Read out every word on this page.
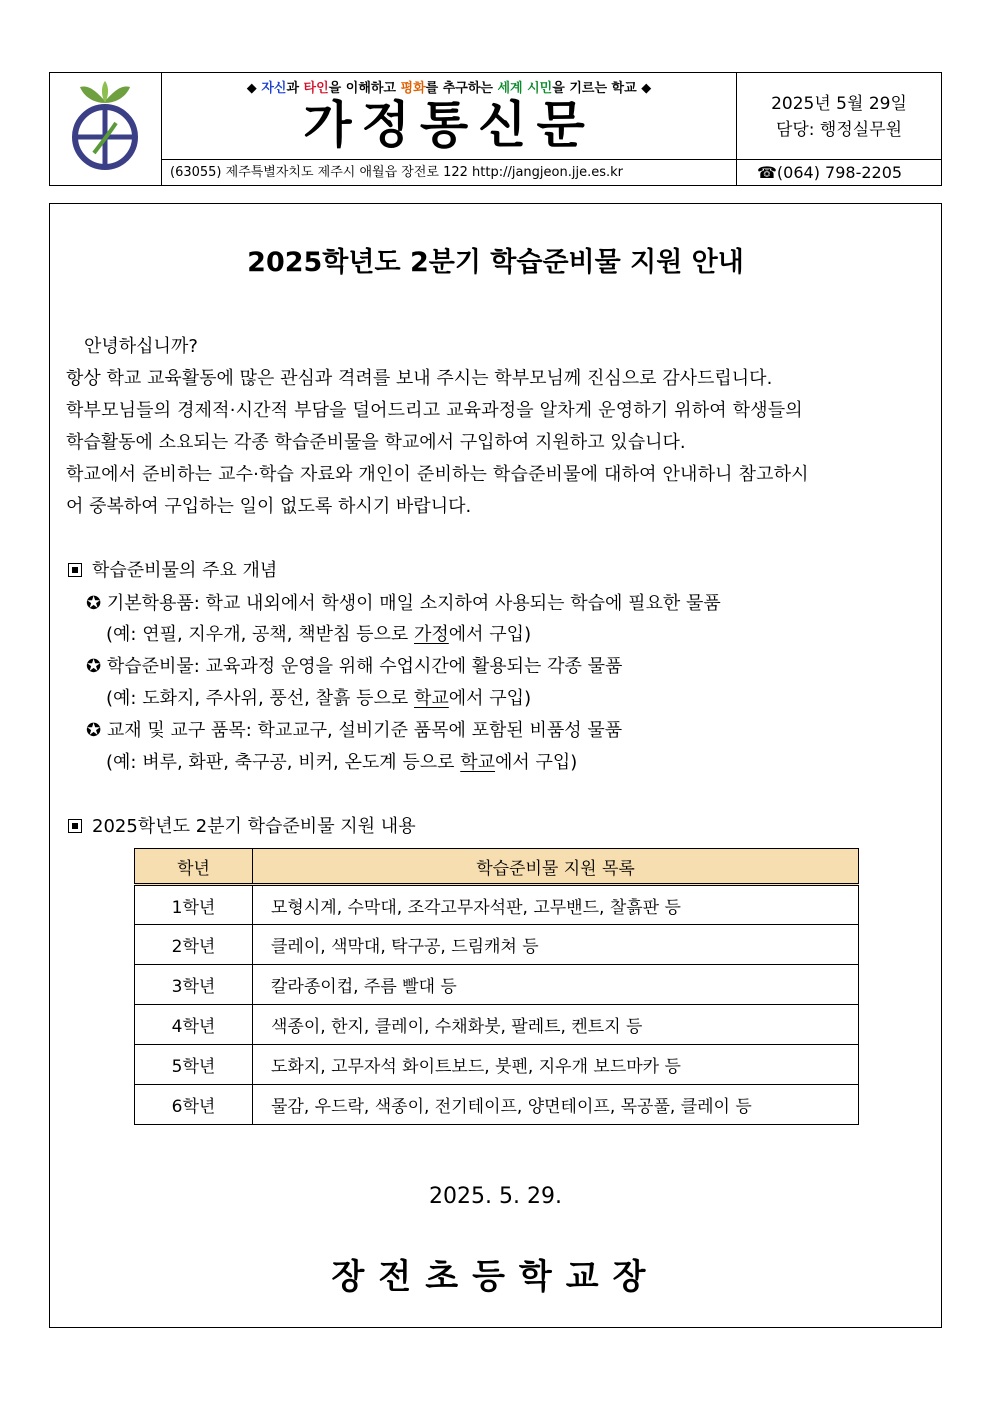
◆ 자신과 타인을 이해하고 평화를 추구하는 세계 시민을 기르는 학교 ◆
가정통신문	2025년 5월 29일
담당: 행정실무원
(63055) 제주특별자치도 제주시 애월읍 장전로 122 http://jangjeon.jje.es.kr	☎(064) 798-2205
2025학년도 2분기 학습준비물 지원 안내
안녕하십니까?
항상 학교 교육활동에 많은 관심과 격려를 보내 주시는 학부모님께 진심으로 감사드립니다.
학부모님들의 경제적·시간적 부담을 덜어드리고 교육과정을 알차게 운영하기 위하여 학생들의
학습활동에 소요되는 각종 학습준비물을 학교에서 구입하여 지원하고 있습니다.
학교에서 준비하는 교수·학습 자료와 개인이 준비하는 학습준비물에 대하여 안내하니 참고하시
어 중복하여 구입하는 일이 없도록 하시기 바랍니다.
학습준비물의 주요 개념
✪ 기본학용품: 학교 내외에서 학생이 매일 소지하여 사용되는 학습에 필요한 물품
(예: 연필, 지우개, 공책, 책받침 등으로 가정에서 구입)
✪ 학습준비물: 교육과정 운영을 위해 수업시간에 활용되는 각종 물품
(예: 도화지, 주사위, 풍선, 찰흙 등으로 학교에서 구입)
✪ 교재 및 교구 품목: 학교교구, 설비기준 품목에 포함된 비품성 물품
(예: 벼루, 화판, 축구공, 비커, 온도계 등으로 학교에서 구입)
2025학년도 2분기 학습준비물 지원 내용
학년	학습준비물 지원 목록
1학년	모형시계, 수막대, 조각고무자석판, 고무밴드, 찰흙판 등
2학년	클레이, 색막대, 탁구공, 드림캐쳐 등
3학년	칼라종이컵, 주름 빨대 등
4학년	색종이, 한지, 클레이, 수채화붓, 팔레트, 켄트지 등
5학년	도화지, 고무자석 화이트보드, 붓펜, 지우개 보드마카 등
6학년	물감, 우드락, 색종이, 전기테이프, 양면테이프, 목공풀, 클레이 등
2025. 5. 29.
장전초등학교장
